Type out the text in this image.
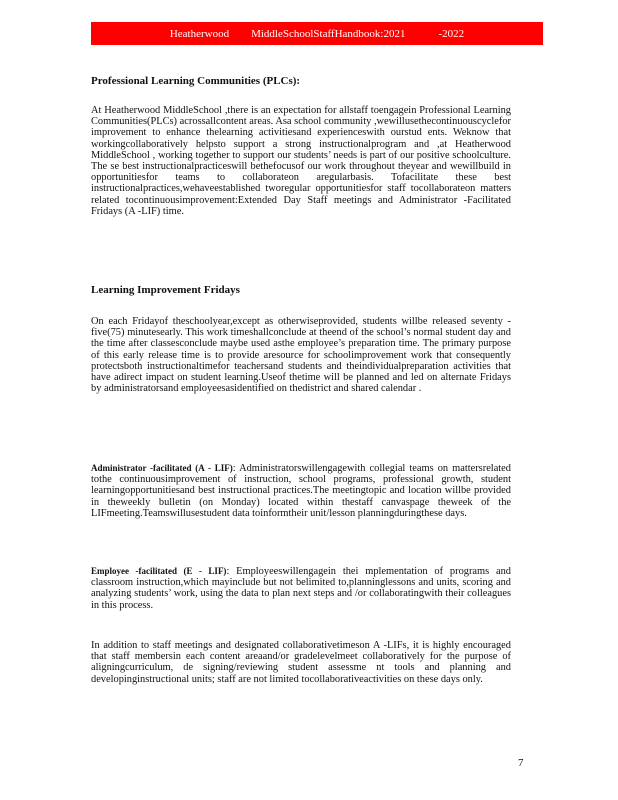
Heatherwood        MiddleSchoolStaffHandbook:2021            -2022
Professional Learning Communities (PLCs):

At Heatherwood MiddleSchool ,there is an expectation for allstaff toengagein Professional Learning Communities(PLCs) acrossallcontent areas. Asa school community ,wewillusethecontinuouscyclefor improvement to enhance thelearning activitiesand experienceswith ourstud ents. Weknow that workingcollaboratively helpsto support a strong instructionalprogram and ,at Heatherwood MiddleSchool , working together to support our students’ needs is part of our positive schoolculture. The se best instructionalpracticeswill bethefocusof our work throughout theyear and wewillbuild in opportunitiesfor teams to collaborateon aregularbasis. Tofacilitate these best instructionalpractices,wehaveestablished tworegular opportunitiesfor staff tocollaborateon matters related tocontinuousimprovement:Extended Day Staff meetings and Administrator -Facilitated Fridays (A -LIF) time.

Learning Improvement Fridays

On each Fridayof theschoolyear,except as otherwiseprovided, students willbe released seventy -five(75) minutesearly. This work timeshallconclude at theend of the school’s normal student day and the time after classesconclude maybe used asthe employee’s preparation time. The primary purpose of this early release time is to provide aresource for schoolimprovement work that consequently protectsboth instructionaltimefor teachersand students and theindividualpreparation activities that have adirect impact on student learning.Useof thetime will be planned and led on alternate Fridays by administratorsand employeesasidentified on thedistrict and shared calendar .

Administrator -facilitated (A - LIF): Administratorswillengagewith collegial teams on mattersrelated tothe continuousimprovement of instruction, school programs, professional growth, student learningopportunitiesand best instructional practices.The meetingtopic and location willbe provided in theweekly bulletin (on Monday) located within thestaff canvaspage theweek of the LIFmeeting.Teamswillusestudent data toinformtheir unit/lesson planningduringthese days.

Employee -facilitated (E - LIF): Employeeswillengagein thei mplementation of programs and classroom instruction,which mayinclude but not belimited to,planninglessons and units, scoring and analyzing students’ work, using the data to plan next steps and /or collaboratingwith their colleagues in this process.

In addition to staff meetings and designated collaborativetimeson A -LIFs, it is highly encouraged that staff membersin each content areaand/or gradelevelmeet collaboratively for the purpose of aligningcurriculum, de signing/reviewing student assessme nt tools and planning and developinginstructional units; staff are not limited tocollaborativeactivities on these days only.

7
